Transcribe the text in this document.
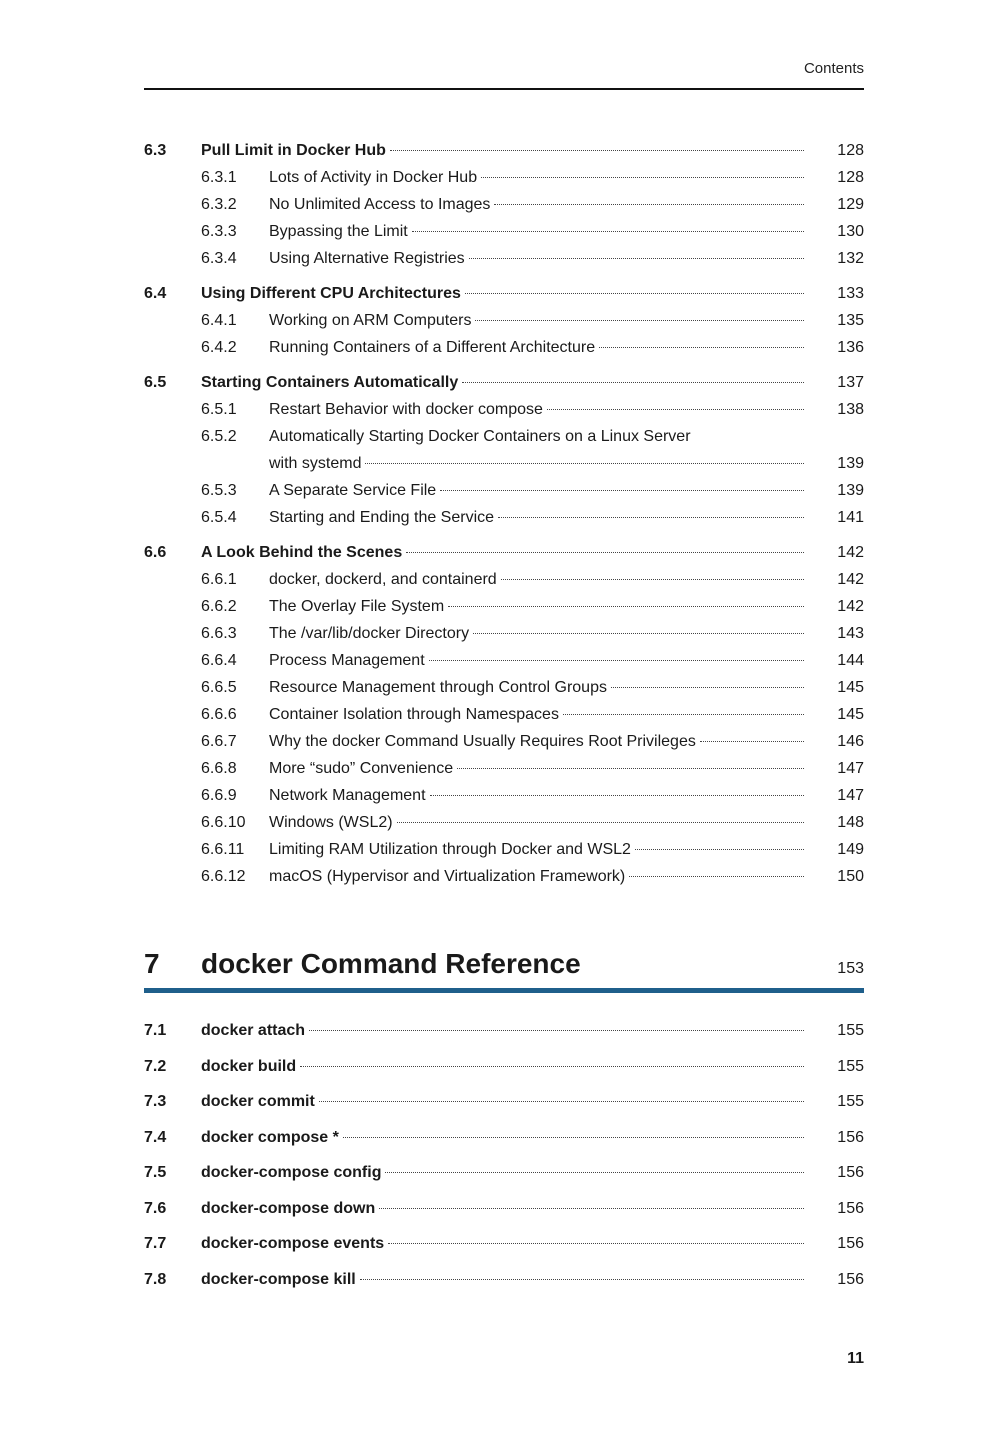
Contents
6.3	Pull Limit in Docker Hub	128
6.3.1	Lots of Activity in Docker Hub	128
6.3.2	No Unlimited Access to Images	129
6.3.3	Bypassing the Limit	130
6.3.4	Using Alternative Registries	132
6.4	Using Different CPU Architectures	133
6.4.1	Working on ARM Computers	135
6.4.2	Running Containers of a Different Architecture	136
6.5	Starting Containers Automatically	137
6.5.1	Restart Behavior with docker compose	138
6.5.2	Automatically Starting Docker Containers on a Linux Server
with systemd	139
6.5.3	A Separate Service File	139
6.5.4	Starting and Ending the Service	141
6.6	A Look Behind the Scenes	142
6.6.1	docker, dockerd, and containerd	142
6.6.2	The Overlay File System	142
6.6.3	The /var/lib/docker Directory	143
6.6.4	Process Management	144
6.6.5	Resource Management through Control Groups	145
6.6.6	Container Isolation through Namespaces	145
6.6.7	Why the docker Command Usually Requires Root Privileges	146
6.6.8	More “sudo” Convenience	147
6.6.9	Network Management	147
6.6.10	Windows (WSL2)	148
6.6.11	Limiting RAM Utilization through Docker and WSL2	149
6.6.12	macOS (Hypervisor and Virtualization Framework)	150
7	docker Command Reference	153
7.1	docker attach	155
7.2	docker build	155
7.3	docker commit	155
7.4	docker compose *	156
7.5	docker-compose config	156
7.6	docker-compose down	156
7.7	docker-compose events	156
7.8	docker-compose kill	156
11
